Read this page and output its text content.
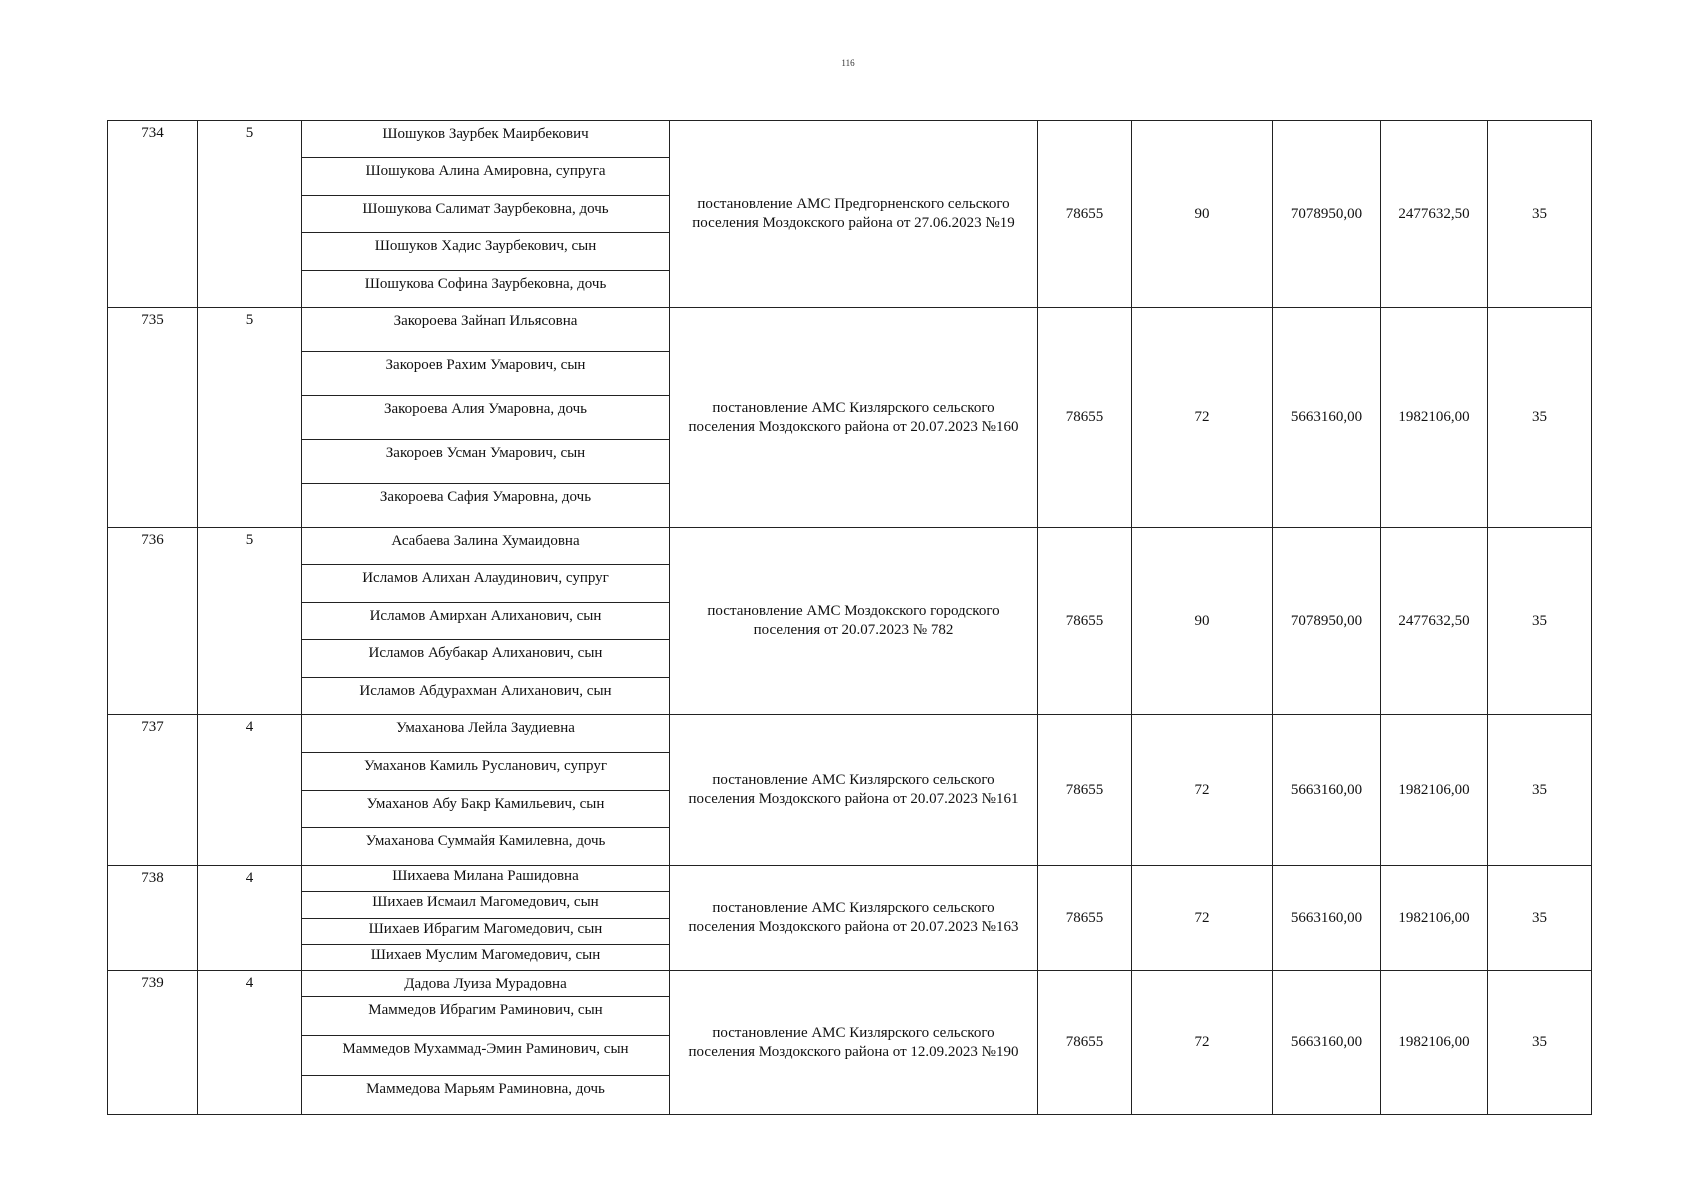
116
734	5	Шошуков Заурбек Маирбекович
Шошукова Алина Амировна, супруга
Шошукова Салимат Заурбековна, дочь
Шошуков Хадис Заурбекович, сын
Шошукова Софина Заурбековна, дочь	постановление АМС Предгорненского сельского поселения Моздокского района от 27.06.2023 №19	78655	90	7078950,00	2477632,50	35
735	5	Закороева Зайнап Ильясовна
Закороев Рахим Умарович, сын
Закороева Алия Умаровна, дочь
Закороев Усман Умарович, сын
Закороева Сафия Умаровна, дочь	постановление АМС Кизлярского сельского поселения Моздокского района от 20.07.2023 №160	78655	72	5663160,00	1982106,00	35
736	5	Асабаева Залина Хумаидовна
Исламов Алихан Алаудинович, супруг
Исламов Амирхан Алиханович, сын
Исламов Абубакар Алиханович, сын
Исламов Абдурахман Алиханович, сын	постановление АМС Моздокского городского поселения от 20.07.2023 № 782	78655	90	7078950,00	2477632,50	35
737	4	Умаханова Лейла Заудиевна
Умаханов Камиль Русланович, супруг
Умаханов Абу Бакр Камильевич, сын
Умаханова Суммайя Камилевна, дочь	постановление АМС Кизлярского сельского поселения Моздокского района от 20.07.2023 №161	78655	72	5663160,00	1982106,00	35
738	4	Шихаева Милана Рашидовна
Шихаев Исмаил Магомедович, сын
Шихаев Ибрагим Магомедович, сын
Шихаев Муслим Магомедович, сын	постановление АМС Кизлярского сельского поселения Моздокского района от 20.07.2023 №163	78655	72	5663160,00	1982106,00	35
739	4	Дадова Луиза Мурадовна
Маммедов Ибрагим Раминович, сын
Маммедов Мухаммад-Эмин Раминович, сын
Маммедова Марьям Раминовна, дочь	постановление АМС Кизлярского сельского поселения Моздокского района от 12.09.2023 №190	78655	72	5663160,00	1982106,00	35
